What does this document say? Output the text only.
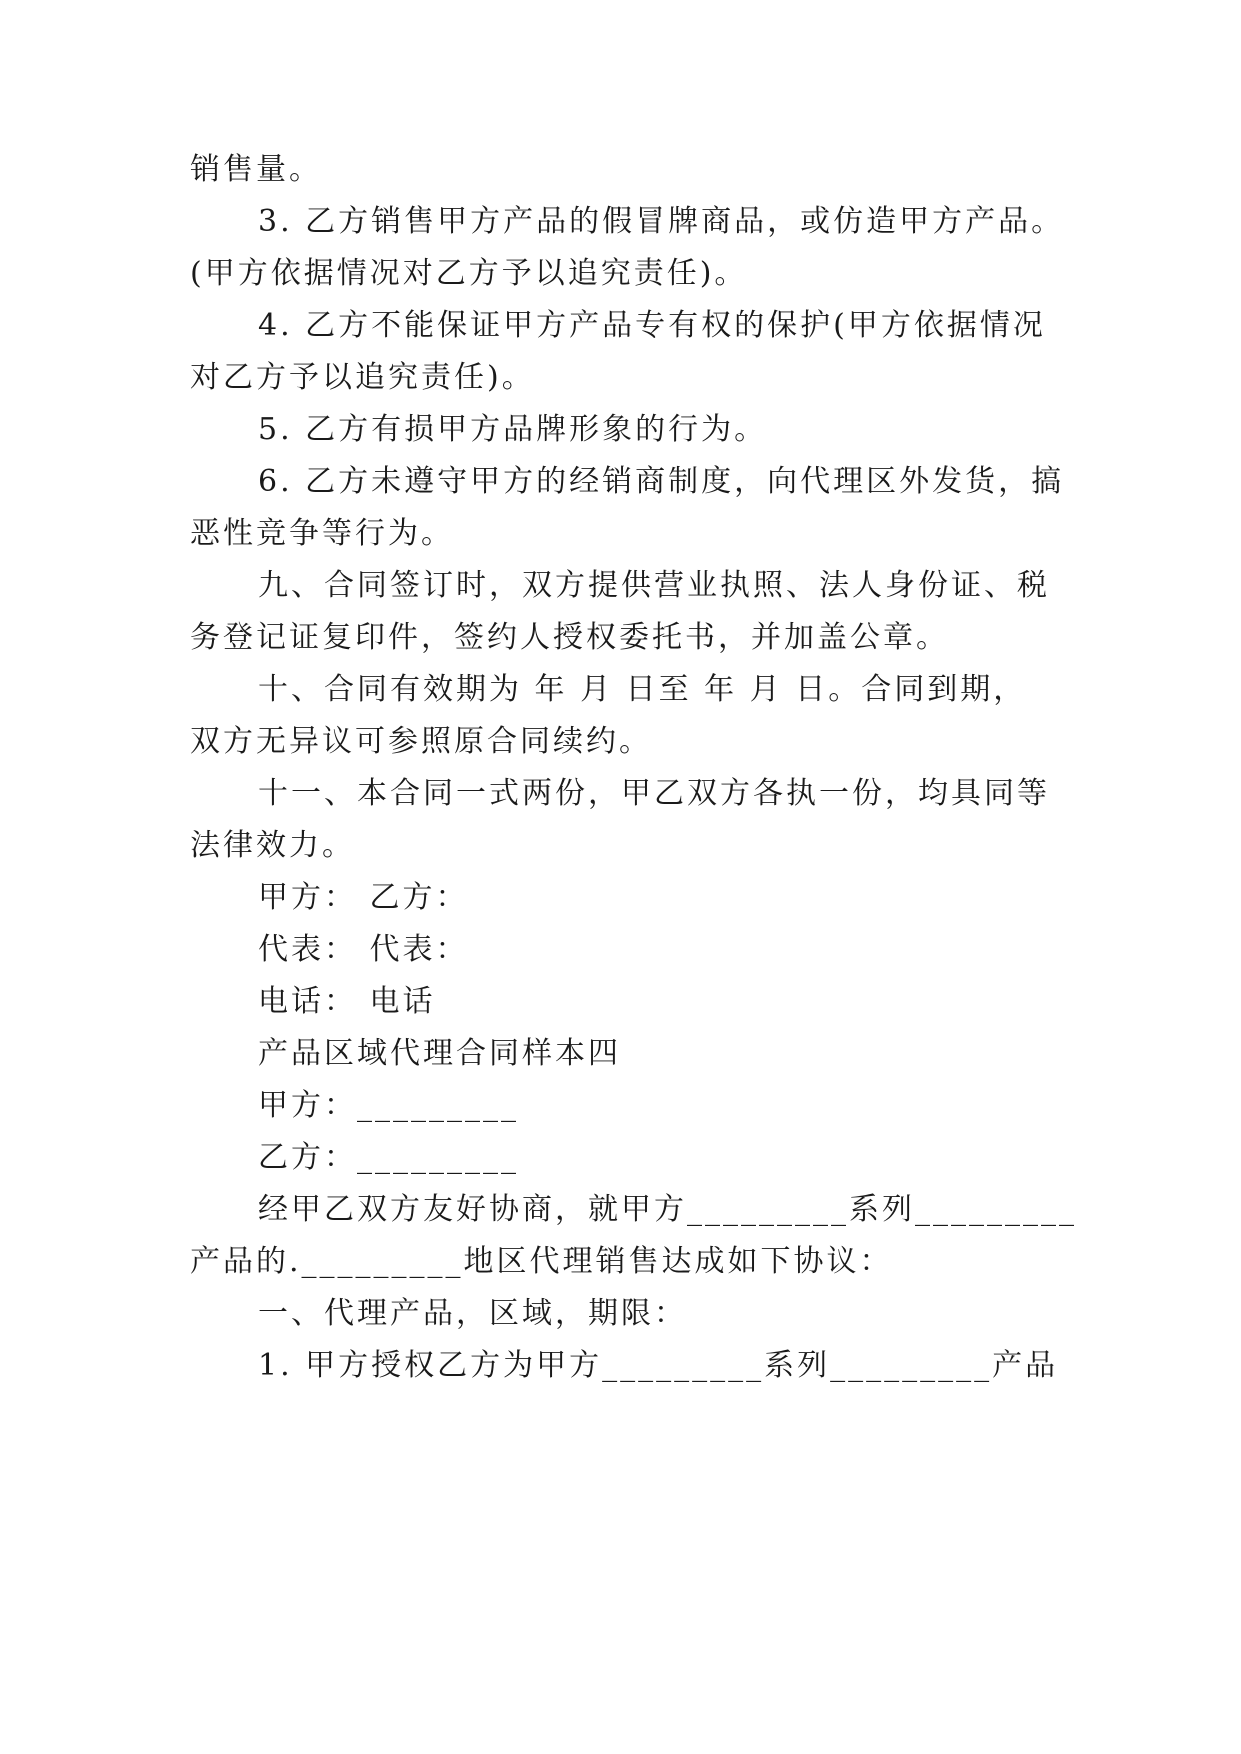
销售量。
3. 乙方销售甲方产品的假冒牌商品，或仿造甲方产品。
(甲方依据情况对乙方予以追究责任)。
4. 乙方不能保证甲方产品专有权的保护(甲方依据情况
对乙方予以追究责任)。
5. 乙方有损甲方品牌形象的行为。
6. 乙方未遵守甲方的经销商制度，向代理区外发货，搞
恶性竞争等行为。
九、合同签订时，双方提供营业执照、法人身份证、税
务登记证复印件，签约人授权委托书，并加盖公章。
十、合同有效期为 年 月 日至 年 月 日。合同到期，
双方无异议可参照原合同续约。
十一、本合同一式两份，甲乙双方各执一份，均具同等
法律效力。
甲方： 乙方：
代表： 代表：
电话： 电话
产品区域代理合同样本四
甲方：_________
乙方：_________
经甲乙双方友好协商，就甲方_________系列_________
产品的._________地区代理销售达成如下协议：
一、代理产品，区域，期限：
1. 甲方授权乙方为甲方_________系列_________产品
